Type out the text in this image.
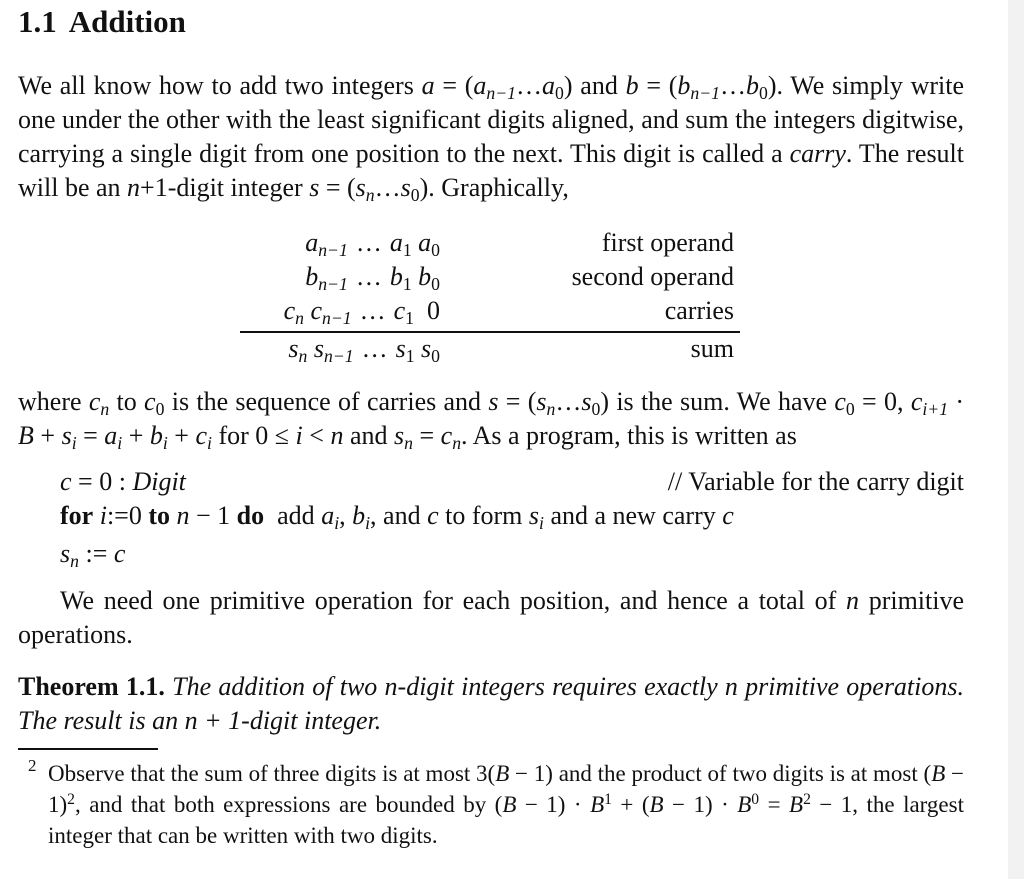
1.1 Addition

We all know how to add two integers $a = (a_{n-1}\dots a_0)$ and $b = (b_{n-1}\dots b_0)$. We simply write one under the other with the least significant digits aligned, and sum the integers digitwise, carrying a single digit from one position to the next. This digit is called a carry. The result will be an n+1-digit integer $s = (s_n\dots s_0)$. Graphically,

$a_{n-1}$ … $a_1$ $a_0$	first operand
$b_{n-1}$ … $b_1$ $b_0$	second operand
$c_n$ $c_{n-1}$ … $c_1$ 0	carries
$s_n$ $s_{n-1}$ … $s_1$ $s_0$	sum

where $c_n$ to $c_0$ is the sequence of carries and $s = (s_n\dots s_0)$ is the sum. We have $c_0 = 0$, $c_{i+1} \cdot B + s_i = a_i + b_i + c_i$ for 0 ≤ i < n and $s_n = c_n$. As a program, this is written as

c = 0 : Digit	// Variable for the carry digit
for i:=0 to n − 1 do add $a_i$, $b_i$, and c to form $s_i$ and a new carry c
$s_n$ := c

We need one primitive operation for each position, and hence a total of n primitive operations.

Theorem 1.1. The addition of two n-digit integers requires exactly n primitive operations. The result is an n + 1-digit integer.

2 Observe that the sum of three digits is at most 3(B − 1) and the product of two digits is at most $(B - 1)^2$, and that both expressions are bounded by $(B - 1) \cdot B^1 + (B - 1) \cdot B^0 = B^2 - 1$, the largest integer that can be written with two digits.
